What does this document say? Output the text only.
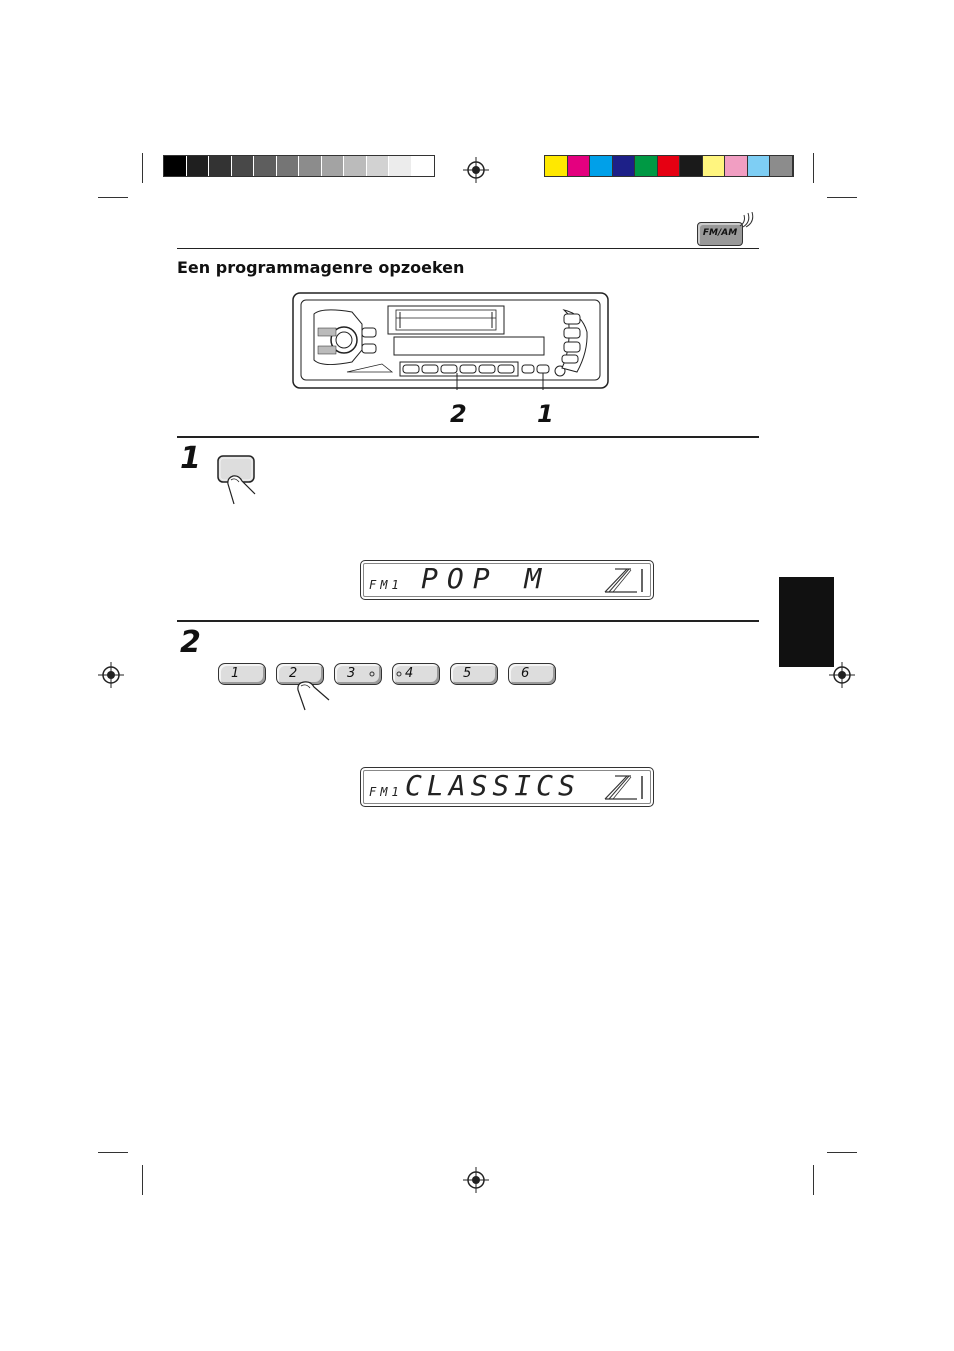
FM/AM
Een programmagenre opzoeken
2	1
1
FM1 POP M
2
1	2	3	4	5	6
FM1 CLASSICS
